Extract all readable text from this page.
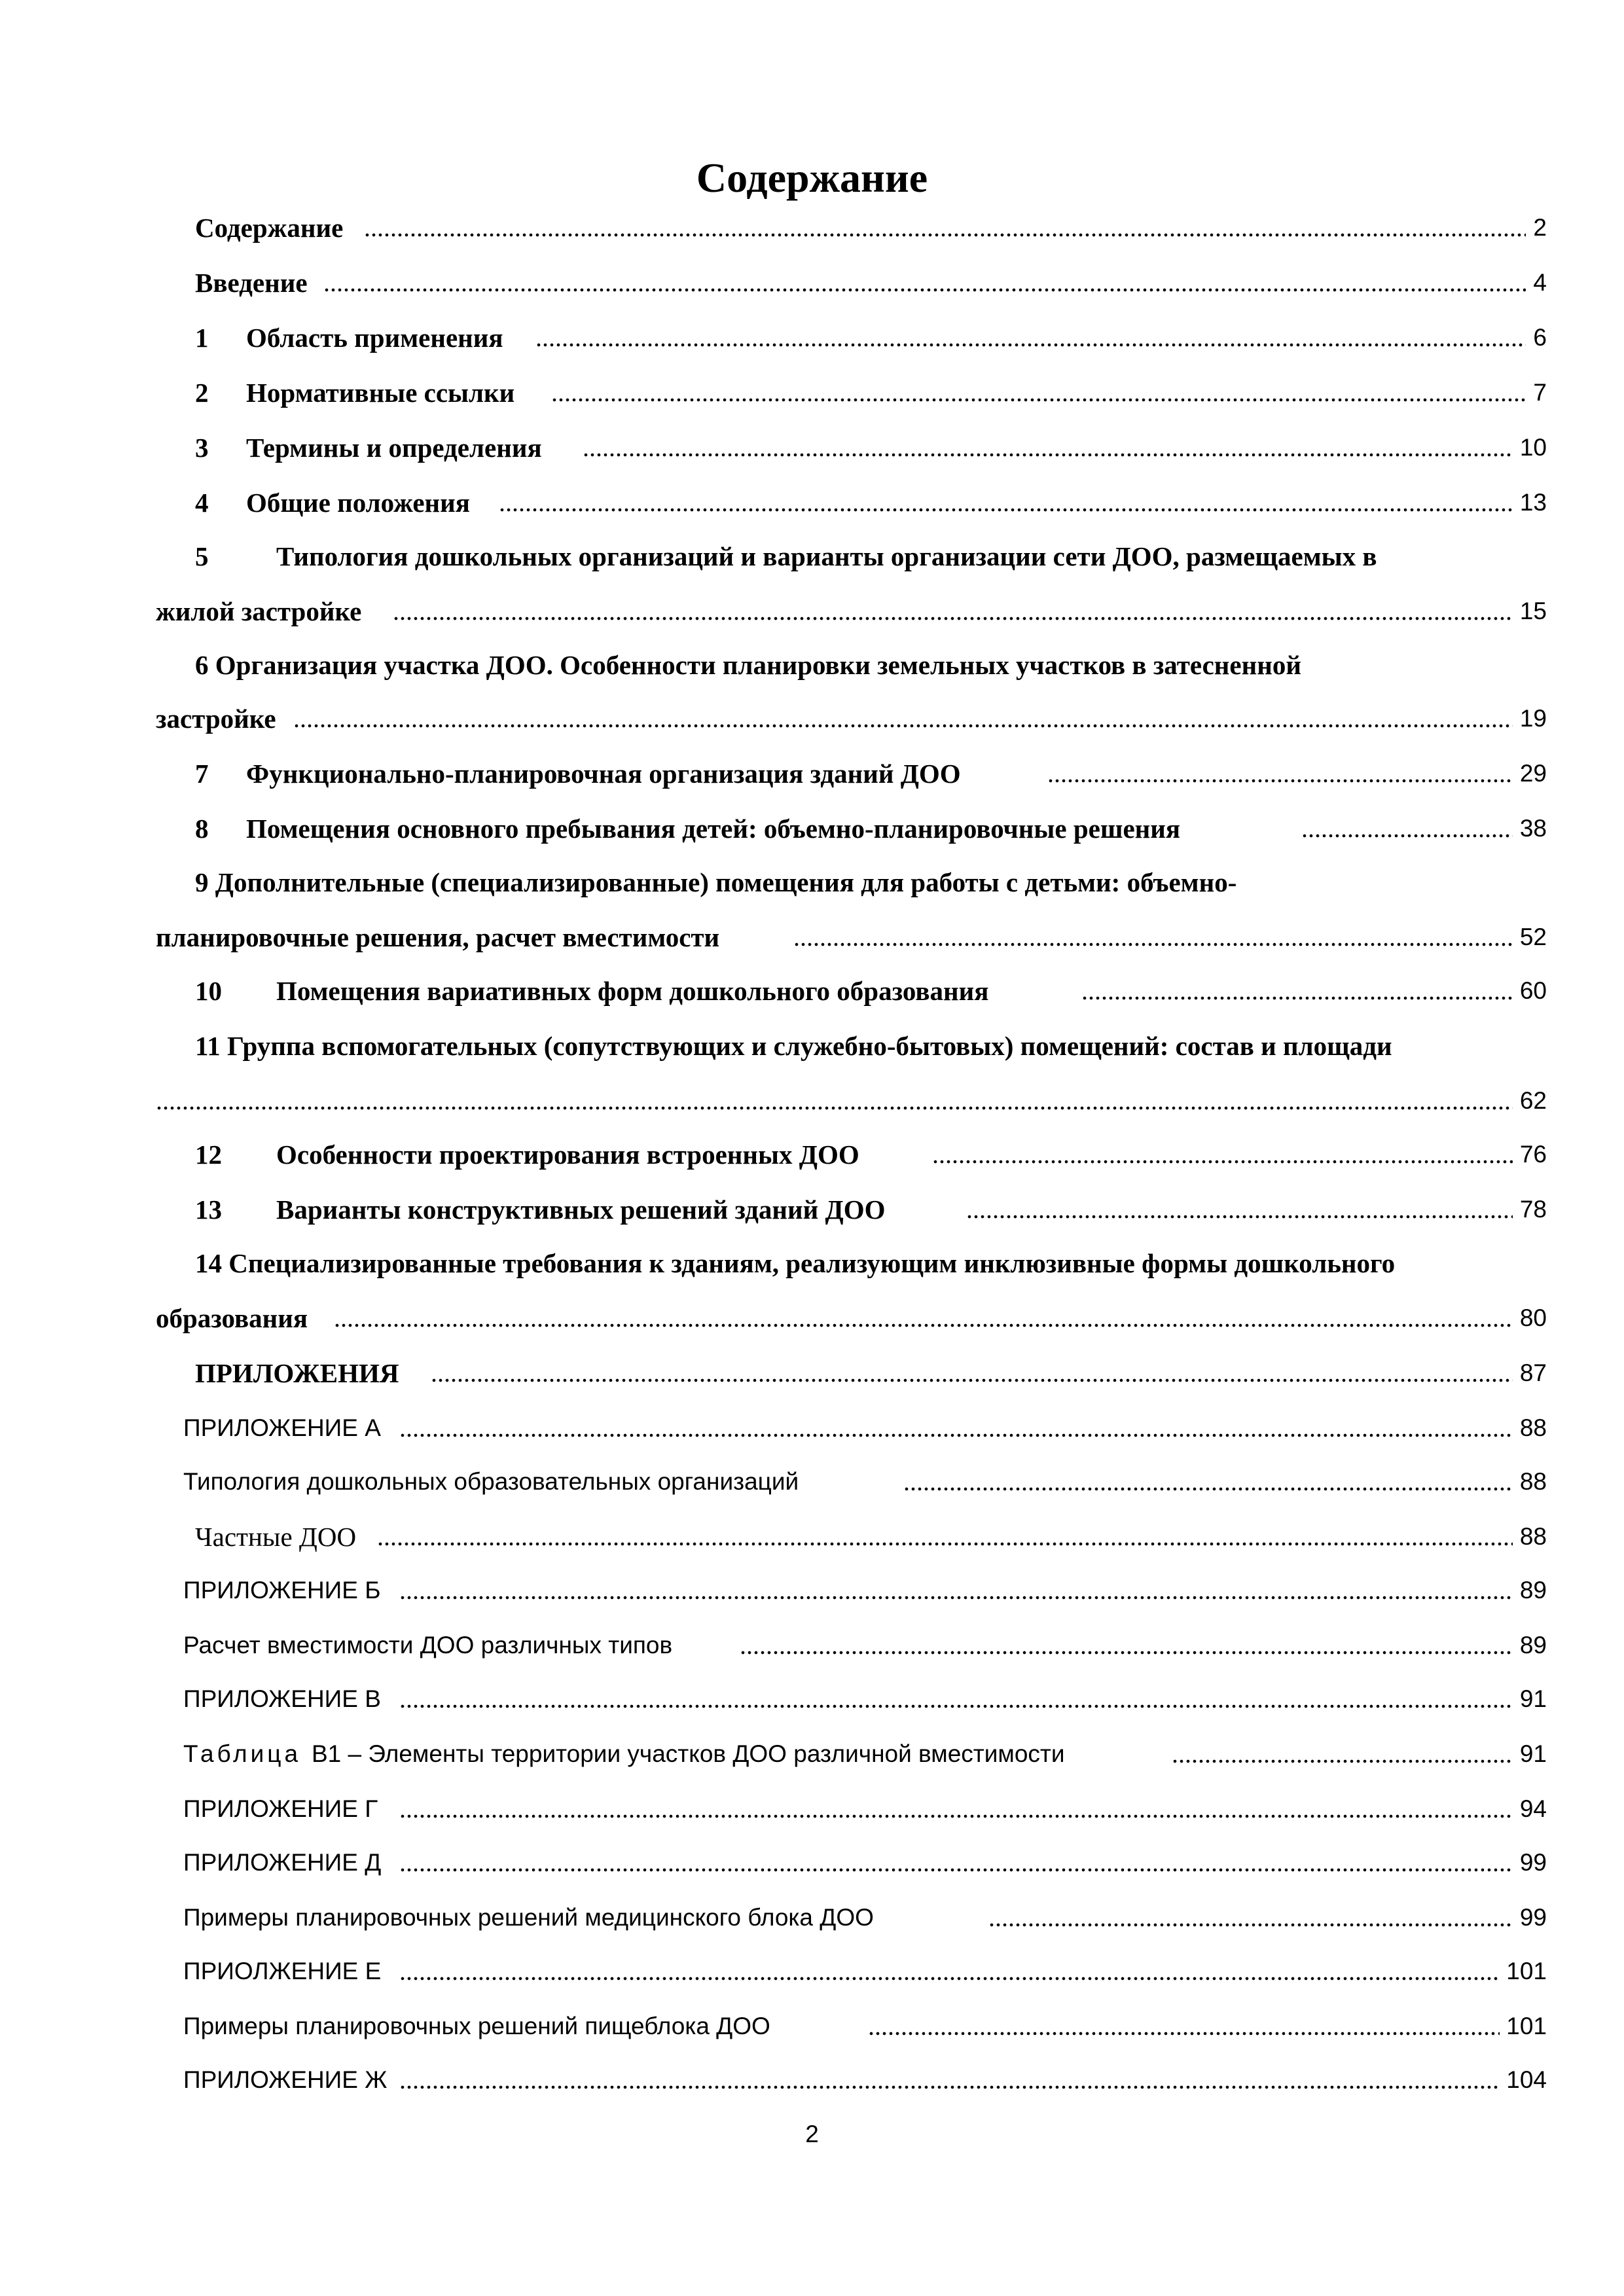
Содержание
Содержание	2
Введение	4
1 Область применения	6
2 Нормативные ссылки	7
3 Термины и определения	10
4 Общие положения	13
5	Типология дошкольных организаций и варианты организации сети ДОО, размещаемых в
жилой застройке	15
6 Организация участка ДОО. Особенности планировки земельных участков в затесненной
застройке	19
7 Функционально-планировочная организация зданий ДОО	29
8 Помещения основного пребывания детей: объемно-планировочные решения	38
9 Дополнительные (специализированные) помещения для работы с детьми: объемно-
планировочные решения, расчет вместимости	52
10 Помещения вариативных форм дошкольного образования	60
11 Группа вспомогательных (сопутствующих и служебно-бытовых) помещений: состав и площади
62
12 Особенности проектирования встроенных ДОО	76
13 Варианты конструктивных решений зданий ДОО	78
14 Специализированные требования к зданиям, реализующим инклюзивные формы дошкольного
образования	80
ПРИЛОЖЕНИЯ	87
ПРИЛОЖЕНИЕ А	88
Типология дошкольных образовательных организаций	88
Частные ДОО	88
ПРИЛОЖЕНИЕ Б	89
Расчет вместимости ДОО различных типов	89
ПРИЛОЖЕНИЕ В	91
Таблица В1 – Элементы территории участков ДОО различной вместимости	91
ПРИЛОЖЕНИЕ Г	94
ПРИЛОЖЕНИЕ Д	99
Примеры планировочных решений медицинского блока ДОО	99
ПРИОЛЖЕНИЕ Е	101
Примеры планировочных решений пищеблока ДОО	101
ПРИЛОЖЕНИЕ Ж	104
2
